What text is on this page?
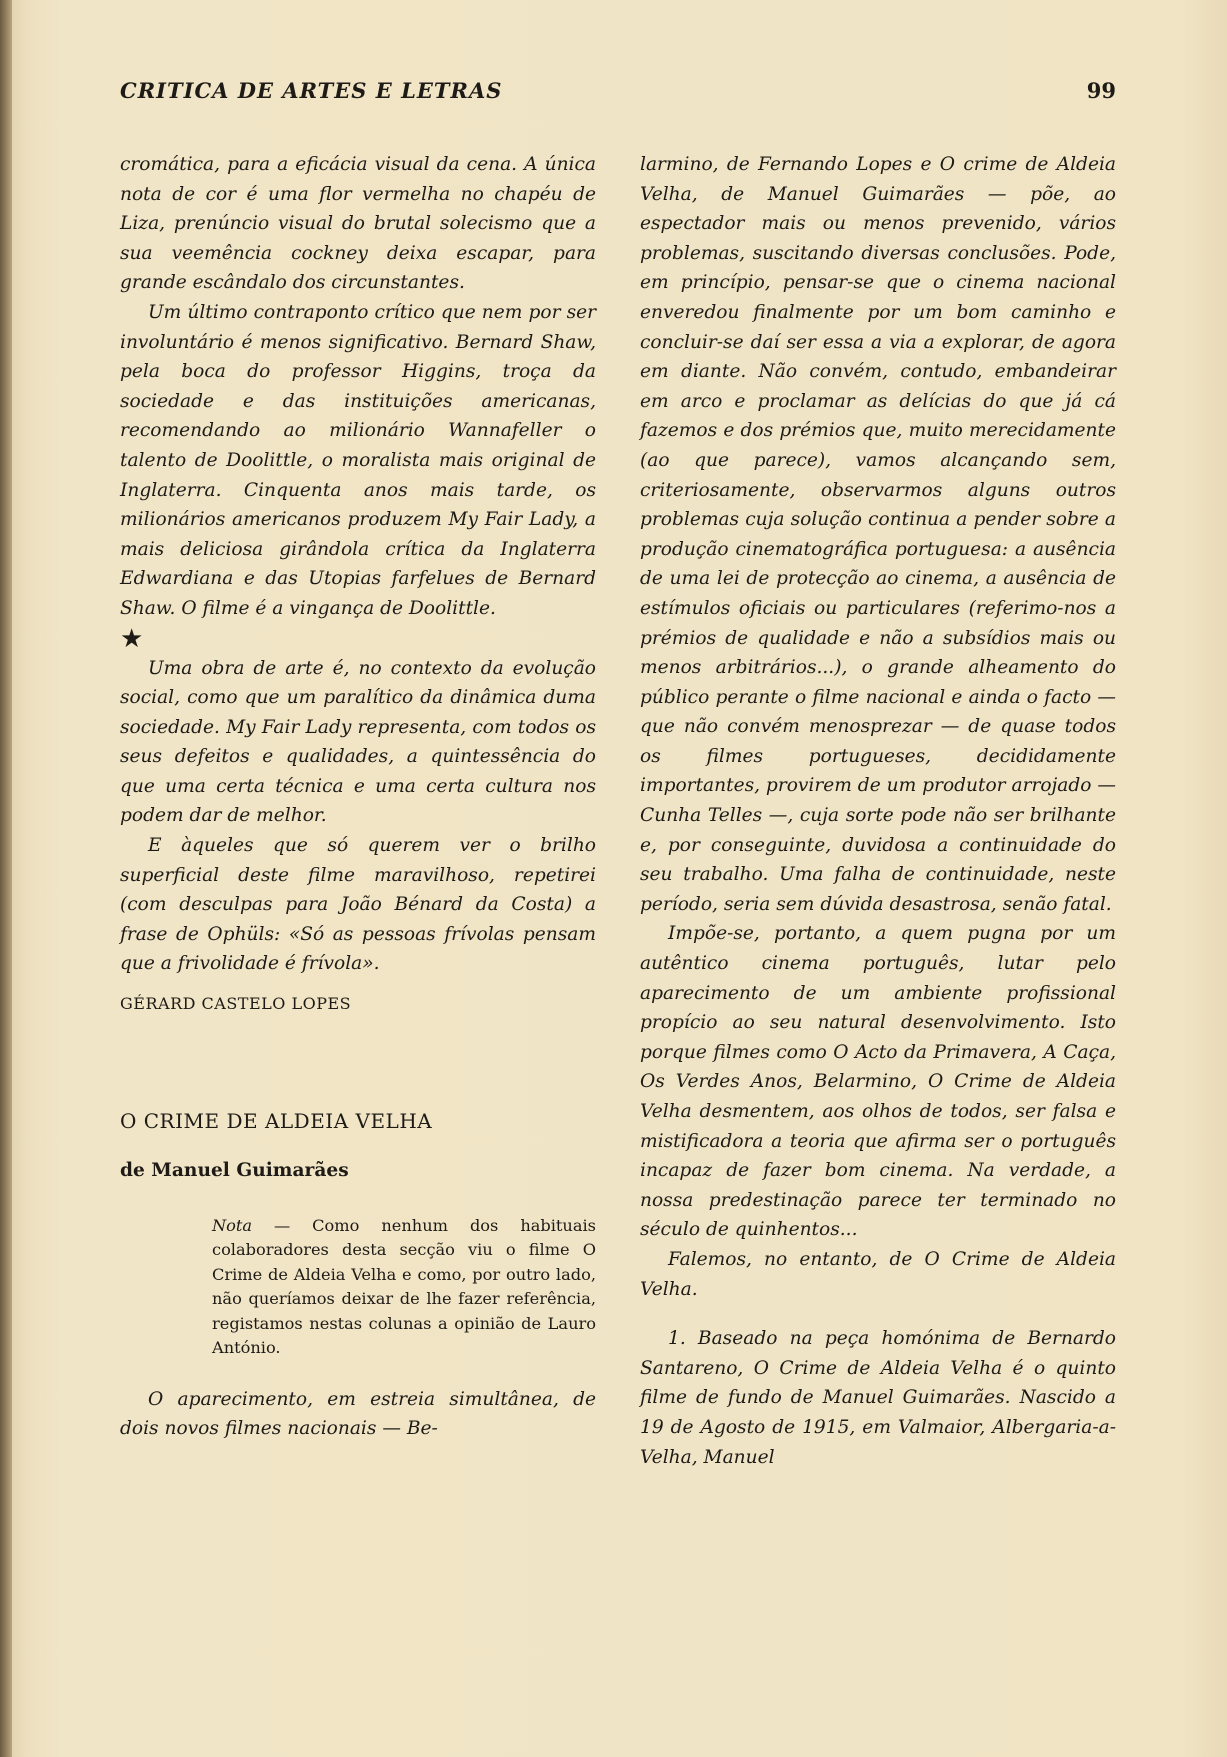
CRITICA DE ARTES E LETRAS	99

cromática, para a eficácia visual da cena. A única nota de cor é uma flor vermelha no chapéu de Liza, prenúncio visual do brutal solecismo que a sua veemência cockney deixa escapar, para grande escândalo dos circunstantes.

Um último contraponto crítico que nem por ser involuntário é menos significativo. Bernard Shaw, pela boca do professor Higgins, troça da sociedade e das instituições americanas, recomendando ao milionário Wannafeller o talento de Doolittle, o moralista mais original de Inglaterra. Cinquenta anos mais tarde, os milionários americanos produzem My Fair Lady, a mais deliciosa girândola crítica da Inglaterra Edwardiana e das Utopias farfelues de Bernard Shaw. O filme é a vingança de Doolittle.

★

Uma obra de arte é, no contexto da evolução social, como que um paralítico da dinâmica duma sociedade. My Fair Lady representa, com todos os seus defeitos e qualidades, a quintessência do que uma certa técnica e uma certa cultura nos podem dar de melhor.

E àqueles que só querem ver o brilho superficial deste filme maravilhoso, repetirei (com desculpas para João Bénard da Costa) a frase de Ophüls: «Só as pessoas frívolas pensam que a frivolidade é frívola».

GÉRARD CASTELO LOPES

O CRIME DE ALDEIA VELHA

de Manuel Guimarães

Nota — Como nenhum dos habituais colaboradores desta secção viu o filme O Crime de Aldeia Velha e como, por outro lado, não queríamos deixar de lhe fazer referência, registamos nestas colunas a opinião de Lauro António.

O aparecimento, em estreia simultânea, de dois novos filmes nacionais — Be-

larmino, de Fernando Lopes e O crime de Aldeia Velha, de Manuel Guimarães — põe, ao espectador mais ou menos prevenido, vários problemas, suscitando diversas conclusões. Pode, em princípio, pensar-se que o cinema nacional enveredou finalmente por um bom caminho e concluir-se daí ser essa a via a explorar, de agora em diante. Não convém, contudo, embandeirar em arco e proclamar as delícias do que já cá fazemos e dos prémios que, muito merecidamente (ao que parece), vamos alcançando sem, criteriosamente, observarmos alguns outros problemas cuja solução continua a pender sobre a produção cinematográfica portuguesa: a ausência de uma lei de protecção ao cinema, a ausência de estímulos oficiais ou particulares (referimo-nos a prémios de qualidade e não a subsídios mais ou menos arbitrários...), o grande alheamento do público perante o filme nacional e ainda o facto — que não convém menosprezar — de quase todos os filmes portugueses, decididamente importantes, provirem de um produtor arrojado — Cunha Telles —, cuja sorte pode não ser brilhante e, por conseguinte, duvidosa a continuidade do seu trabalho. Uma falha de continuidade, neste período, seria sem dúvida desastrosa, senão fatal.

Impõe-se, portanto, a quem pugna por um autêntico cinema português, lutar pelo aparecimento de um ambiente profissional propício ao seu natural desenvolvimento. Isto porque filmes como O Acto da Primavera, A Caça, Os Verdes Anos, Belarmino, O Crime de Aldeia Velha desmentem, aos olhos de todos, ser falsa e mistificadora a teoria que afirma ser o português incapaz de fazer bom cinema. Na verdade, a nossa predestinação parece ter terminado no século de quinhentos...

Falemos, no entanto, de O Crime de Aldeia Velha.

1. Baseado na peça homónima de Bernardo Santareno, O Crime de Aldeia Velha é o quinto filme de fundo de Manuel Guimarães. Nascido a 19 de Agosto de 1915, em Valmaior, Albergaria-a-Velha, Manuel
